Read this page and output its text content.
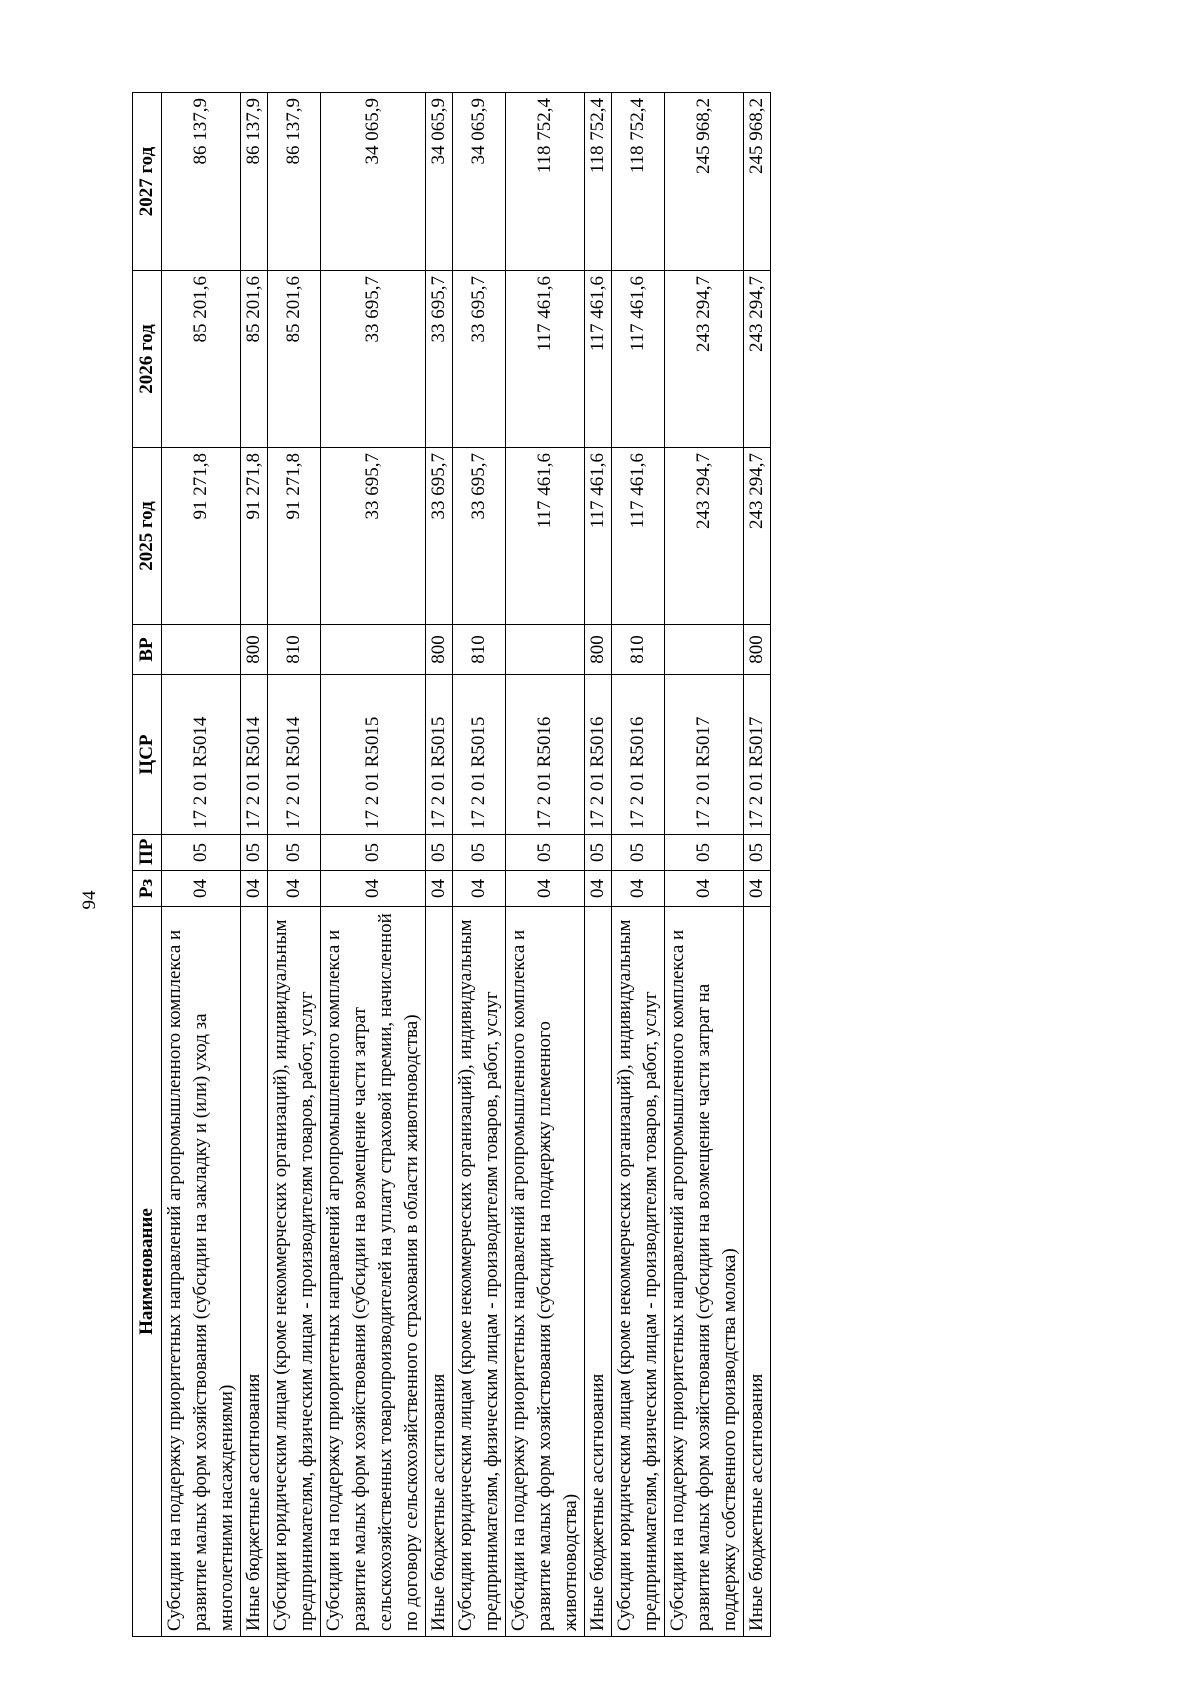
94
Наименование	Рз	ПР	ЦСР	ВР	2025 год	2026 год	2027 год
Субсидии на поддержку приоритетных направлений агропромышленного комплекса и развитие малых форм хозяйствования (субсидии на закладку и (или) уход за многолетними насаждениями)	04	05	17 2 01 R5014		91 271,8	85 201,6	86 137,9
Иные бюджетные ассигнования	04	05	17 2 01 R5014	800	91 271,8	85 201,6	86 137,9
Субсидии юридическим лицам (кроме некоммерческих организаций), индивидуальным предпринимателям, физическим лицам - производителям товаров, работ, услуг	04	05	17 2 01 R5014	810	91 271,8	85 201,6	86 137,9
Субсидии на поддержку приоритетных направлений агропромышленного комплекса и развитие малых форм хозяйствования (субсидии на возмещение части затрат сельскохозяйственных товаропроизводителей на уплату страховой премии, начисленной по договору сельскохозяйственного страхования в области животноводства)	04	05	17 2 01 R5015		33 695,7	33 695,7	34 065,9
Иные бюджетные ассигнования	04	05	17 2 01 R5015	800	33 695,7	33 695,7	34 065,9
Субсидии юридическим лицам (кроме некоммерческих организаций), индивидуальным предпринимателям, физическим лицам - производителям товаров, работ, услуг	04	05	17 2 01 R5015	810	33 695,7	33 695,7	34 065,9
Субсидии на поддержку приоритетных направлений агропромышленного комплекса и развитие малых форм хозяйствования (субсидии на поддержку племенного животноводства)	04	05	17 2 01 R5016		117 461,6	117 461,6	118 752,4
Иные бюджетные ассигнования	04	05	17 2 01 R5016	800	117 461,6	117 461,6	118 752,4
Субсидии юридическим лицам (кроме некоммерческих организаций), индивидуальным предпринимателям, физическим лицам - производителям товаров, работ, услуг	04	05	17 2 01 R5016	810	117 461,6	117 461,6	118 752,4
Субсидии на поддержку приоритетных направлений агропромышленного комплекса и развитие малых форм хозяйствования (субсидии на возмещение части затрат на поддержку собственного производства молока)	04	05	17 2 01 R5017		243 294,7	243 294,7	245 968,2
Иные бюджетные ассигнования	04	05	17 2 01 R5017	800	243 294,7	243 294,7	245 968,2
